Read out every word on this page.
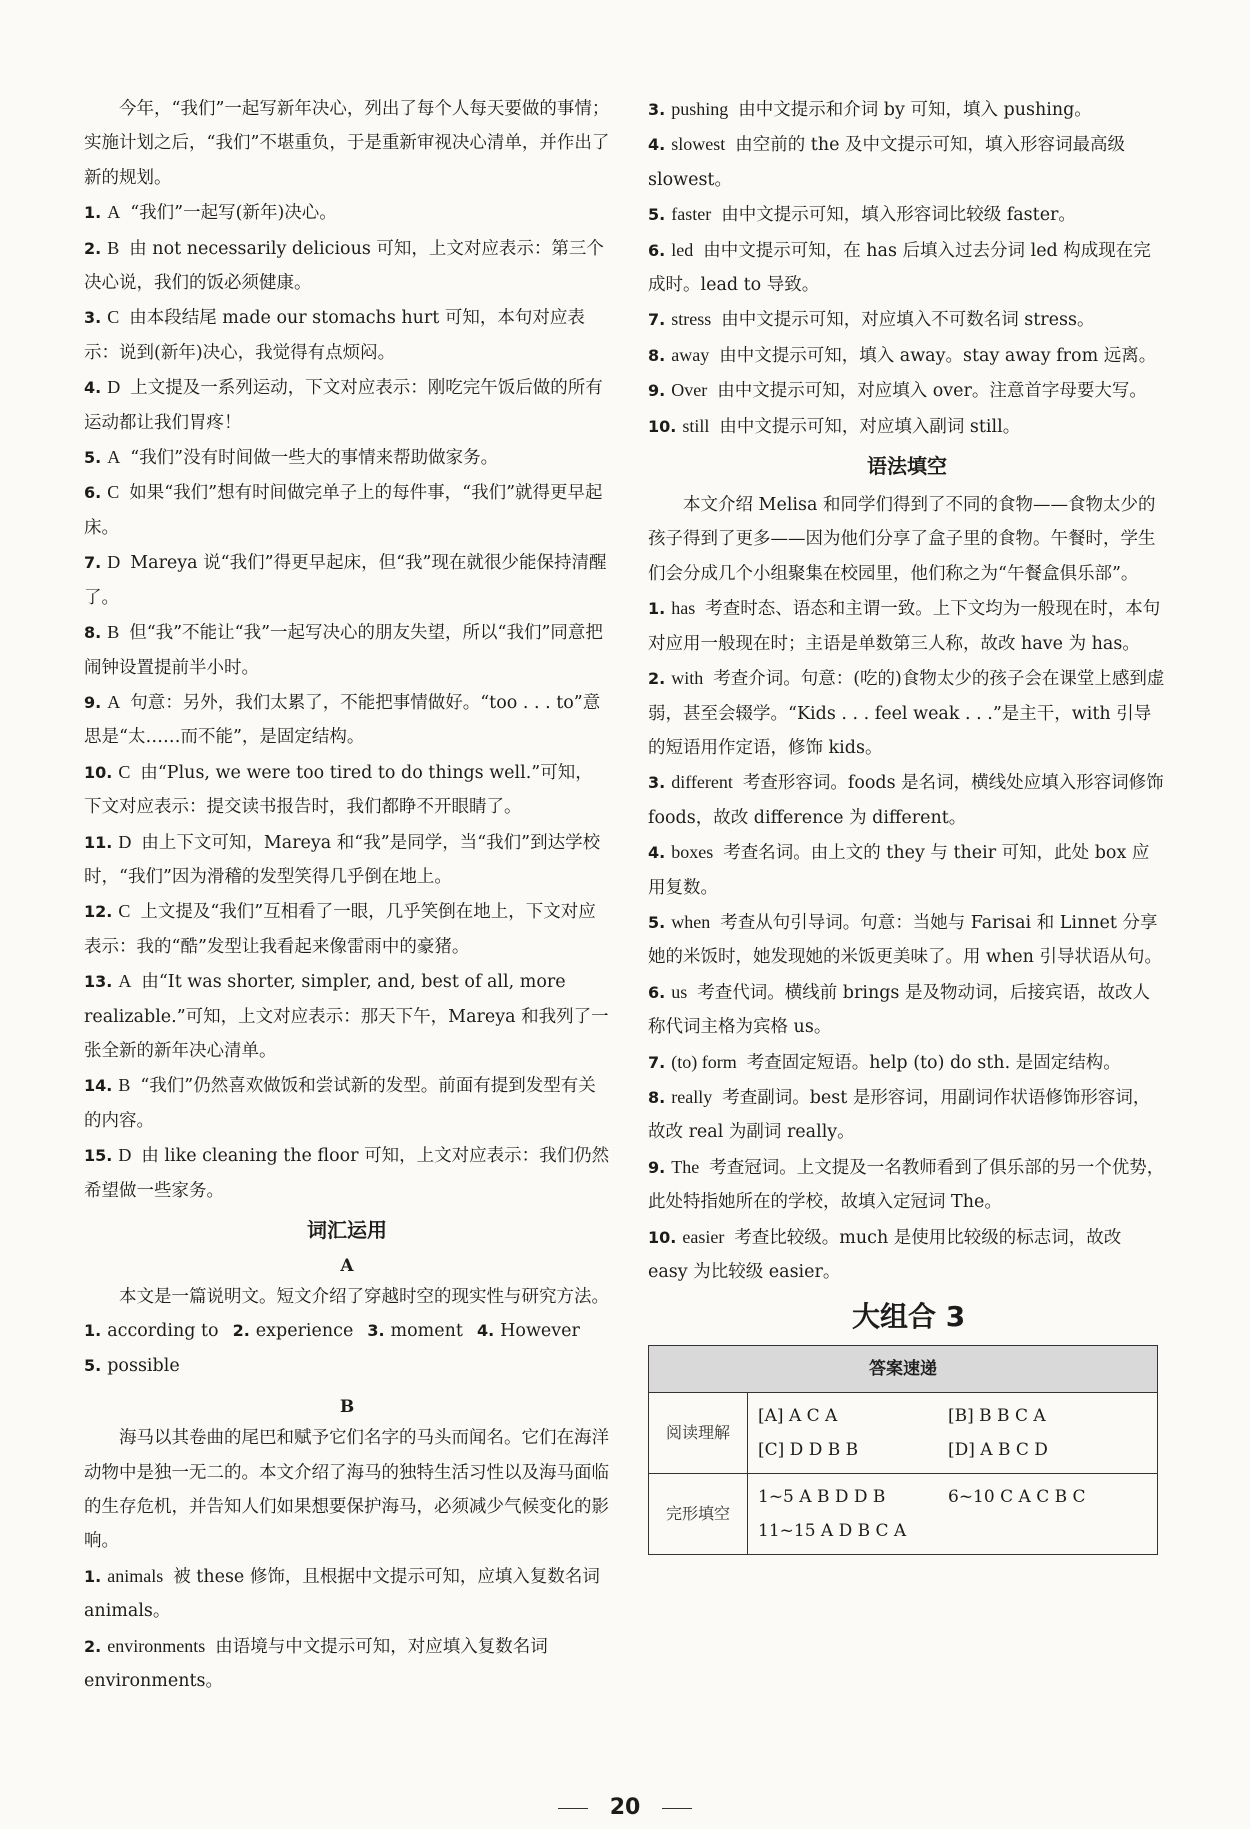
今年，“我们”一起写新年决心，列出了每个人每天要做的事情；实施计划之后，“我们”不堪重负，于是重新审视决心清单，并作出了新的规划。

1. A “我们”一起写(新年)决心。

2. B 由 not necessarily delicious 可知，上文对应表示：第三个决心说，我们的饭必须健康。

3. C 由本段结尾 made our stomachs hurt 可知，本句对应表示：说到(新年)决心，我觉得有点烦闷。

4. D 上文提及一系列运动，下文对应表示：刚吃完午饭后做的所有运动都让我们胃疼！

5. A “我们”没有时间做一些大的事情来帮助做家务。

6. C 如果“我们”想有时间做完单子上的每件事，“我们”就得更早起床。

7. D Mareya 说“我们”得更早起床，但“我”现在就很少能保持清醒了。

8. B 但“我”不能让“我”一起写决心的朋友失望，所以“我们”同意把闹钟设置提前半小时。

9. A 句意：另外，我们太累了，不能把事情做好。“too . . . to”意思是“太……而不能”，是固定结构。

10. C 由“Plus, we were too tired to do things well.”可知，下文对应表示：提交读书报告时，我们都睁不开眼睛了。

11. D 由上下文可知，Mareya 和“我”是同学，当“我们”到达学校时，“我们”因为滑稽的发型笑得几乎倒在地上。

12. C 上文提及“我们”互相看了一眼，几乎笑倒在地上，下文对应表示：我的“酷”发型让我看起来像雷雨中的豪猪。

13. A 由“It was shorter, simpler, and, best of all, more realizable.”可知，上文对应表示：那天下午，Mareya 和我列了一张全新的新年决心清单。

14. B “我们”仍然喜欢做饭和尝试新的发型。前面有提到发型有关的内容。

15. D 由 like cleaning the floor 可知，上文对应表示：我们仍然希望做一些家务。

词汇运用
A

本文是一篇说明文。短文介绍了穿越时空的现实性与研究方法。

1. according to 2. experience 3. moment 4. However
5. possible

B

海马以其卷曲的尾巴和赋予它们名字的马头而闻名。它们在海洋动物中是独一无二的。本文介绍了海马的独特生活习性以及海马面临的生存危机，并告知人们如果想要保护海马，必须减少气候变化的影响。

1. animals 被 these 修饰，且根据中文提示可知，应填入复数名词 animals。

2. environments 由语境与中文提示可知，对应填入复数名词 environments。

3. pushing 由中文提示和介词 by 可知，填入 pushing。

4. slowest 由空前的 the 及中文提示可知，填入形容词最高级 slowest。

5. faster 由中文提示可知，填入形容词比较级 faster。

6. led 由中文提示可知，在 has 后填入过去分词 led 构成现在完成时。lead to 导致。

7. stress 由中文提示可知，对应填入不可数名词 stress。

8. away 由中文提示可知，填入 away。stay away from 远离。

9. Over 由中文提示可知，对应填入 over。注意首字母要大写。

10. still 由中文提示可知，对应填入副词 still。

语法填空

本文介绍 Melisa 和同学们得到了不同的食物——食物太少的孩子得到了更多——因为他们分享了盒子里的食物。午餐时，学生们会分成几个小组聚集在校园里，他们称之为“午餐盒俱乐部”。

1. has 考查时态、语态和主谓一致。上下文均为一般现在时，本句对应用一般现在时；主语是单数第三人称，故改 have 为 has。

2. with 考查介词。句意：(吃的)食物太少的孩子会在课堂上感到虚弱，甚至会辍学。“Kids . . . feel weak . . .”是主干，with 引导的短语用作定语，修饰 kids。

3. different 考查形容词。foods 是名词，横线处应填入形容词修饰 foods，故改 difference 为 different。

4. boxes 考查名词。由上文的 they 与 their 可知，此处 box 应用复数。

5. when 考查从句引导词。句意：当她与 Farisai 和 Linnet 分享她的米饭时，她发现她的米饭更美味了。用 when 引导状语从句。

6. us 考查代词。横线前 brings 是及物动词，后接宾语，故改人称代词主格为宾格 us。

7. (to) form 考查固定短语。help (to) do sth. 是固定结构。

8. really 考查副词。best 是形容词，用副词作状语修饰形容词，故改 real 为副词 really。

9. The 考查冠词。上文提及一名教师看到了俱乐部的另一个优势，此处特指她所在的学校，故填入定冠词 The。

10. easier 考查比较级。much 是使用比较级的标志词，故改 easy 为比较级 easier。

大组合 3
答案速递	
阅读理解	[A] A C A [B] B B C A
[C] D D B B [D] A B C D

完形填空	1~5 A B D D B 6~10 C A C B C
11~15 A D B C A
20
